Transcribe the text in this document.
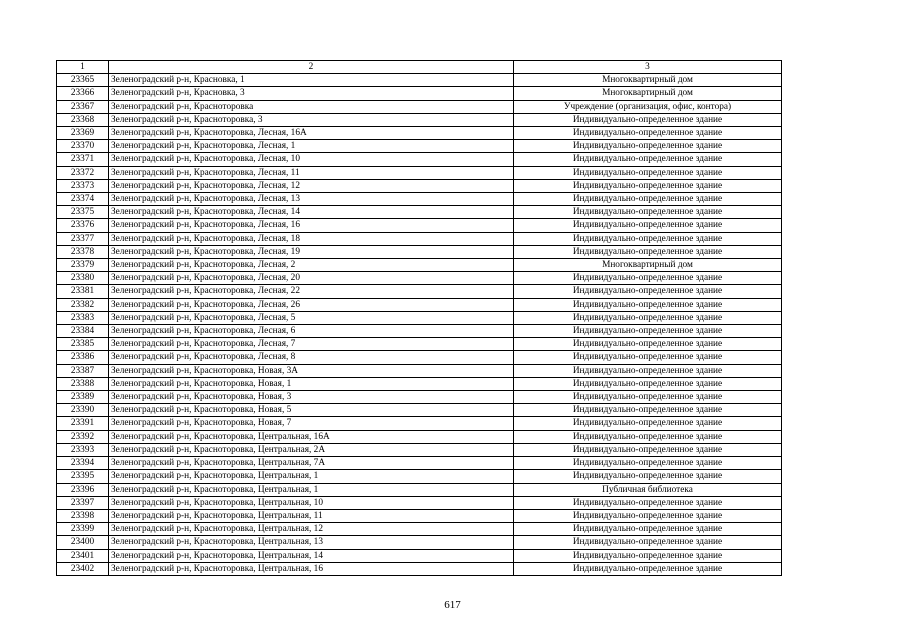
1	2	3
23365	Зеленоградский р-н, Красновка, 1	Многоквартирный дом
23366	Зеленоградский р-н, Красновка, 3	Многоквартирный дом
23367	Зеленоградский р-н, Краснотoровка	Учреждение (организация, офис, контора)
23368	Зеленоградский р-н, Краснотoровка, 3	Индивидуально-определенное здание
23369	Зеленоградский р-н, Краснотoровка, Лесная, 16А	Индивидуально-определенное здание
23370	Зеленоградский р-н, Краснотoровка, Лесная, 1	Индивидуально-определенное здание
23371	Зеленоградский р-н, Краснотoровка, Лесная, 10	Индивидуально-определенное здание
23372	Зеленоградский р-н, Краснотoровка, Лесная, 11	Индивидуально-определенное здание
23373	Зеленоградский р-н, Краснотoровка, Лесная, 12	Индивидуально-определенное здание
23374	Зеленоградский р-н, Краснотoровка, Лесная, 13	Индивидуально-определенное здание
23375	Зеленоградский р-н, Краснотoровка, Лесная, 14	Индивидуально-определенное здание
23376	Зеленоградский р-н, Краснотoровка, Лесная, 16	Индивидуально-определенное здание
23377	Зеленоградский р-н, Краснотoровка, Лесная, 18	Индивидуально-определенное здание
23378	Зеленоградский р-н, Краснотoровка, Лесная, 19	Индивидуально-определенное здание
23379	Зеленоградский р-н, Краснотoровка, Лесная, 2	Многоквартирный дом
23380	Зеленоградский р-н, Краснотoровка, Лесная, 20	Индивидуально-определенное здание
23381	Зеленоградский р-н, Краснотoровка, Лесная, 22	Индивидуально-определенное здание
23382	Зеленоградский р-н, Краснотoровка, Лесная, 26	Индивидуально-определенное здание
23383	Зеленоградский р-н, Краснотoровка, Лесная, 5	Индивидуально-определенное здание
23384	Зеленоградский р-н, Краснотoровка, Лесная, 6	Индивидуально-определенное здание
23385	Зеленоградский р-н, Краснотoровка, Лесная, 7	Индивидуально-определенное здание
23386	Зеленоградский р-н, Краснотoровка, Лесная, 8	Индивидуально-определенное здание
23387	Зеленоградский р-н, Краснотoровка, Новая, 3А	Индивидуально-определенное здание
23388	Зеленоградский р-н, Краснотoровка, Новая, 1	Индивидуально-определенное здание
23389	Зеленоградский р-н, Краснотoровка, Новая, 3	Индивидуально-определенное здание
23390	Зеленоградский р-н, Краснотoровка, Новая, 5	Индивидуально-определенное здание
23391	Зеленоградский р-н, Краснотoровка, Новая, 7	Индивидуально-определенное здание
23392	Зеленоградский р-н, Краснотoровка, Центральная, 16А	Индивидуально-определенное здание
23393	Зеленоградский р-н, Краснотoровка, Центральная, 2А	Индивидуально-определенное здание
23394	Зеленоградский р-н, Краснотoровка, Центральная, 7А	Индивидуально-определенное здание
23395	Зеленоградский р-н, Краснотoровка, Центральная, 1	Индивидуально-определенное здание
23396	Зеленоградский р-н, Краснотoровка, Центральная, 1	Публичная библиотека
23397	Зеленоградский р-н, Краснотoровка, Центральная, 10	Индивидуально-определенное здание
23398	Зеленоградский р-н, Краснотoровка, Центральная, 11	Индивидуально-определенное здание
23399	Зеленоградский р-н, Краснотoровка, Центральная, 12	Индивидуально-определенное здание
23400	Зеленоградский р-н, Краснотoровка, Центральная, 13	Индивидуально-определенное здание
23401	Зеленоградский р-н, Краснотoровка, Центральная, 14	Индивидуально-определенное здание
23402	Зеленоградский р-н, Краснотoровка, Центральная, 16	Индивидуально-определенное здание
617
